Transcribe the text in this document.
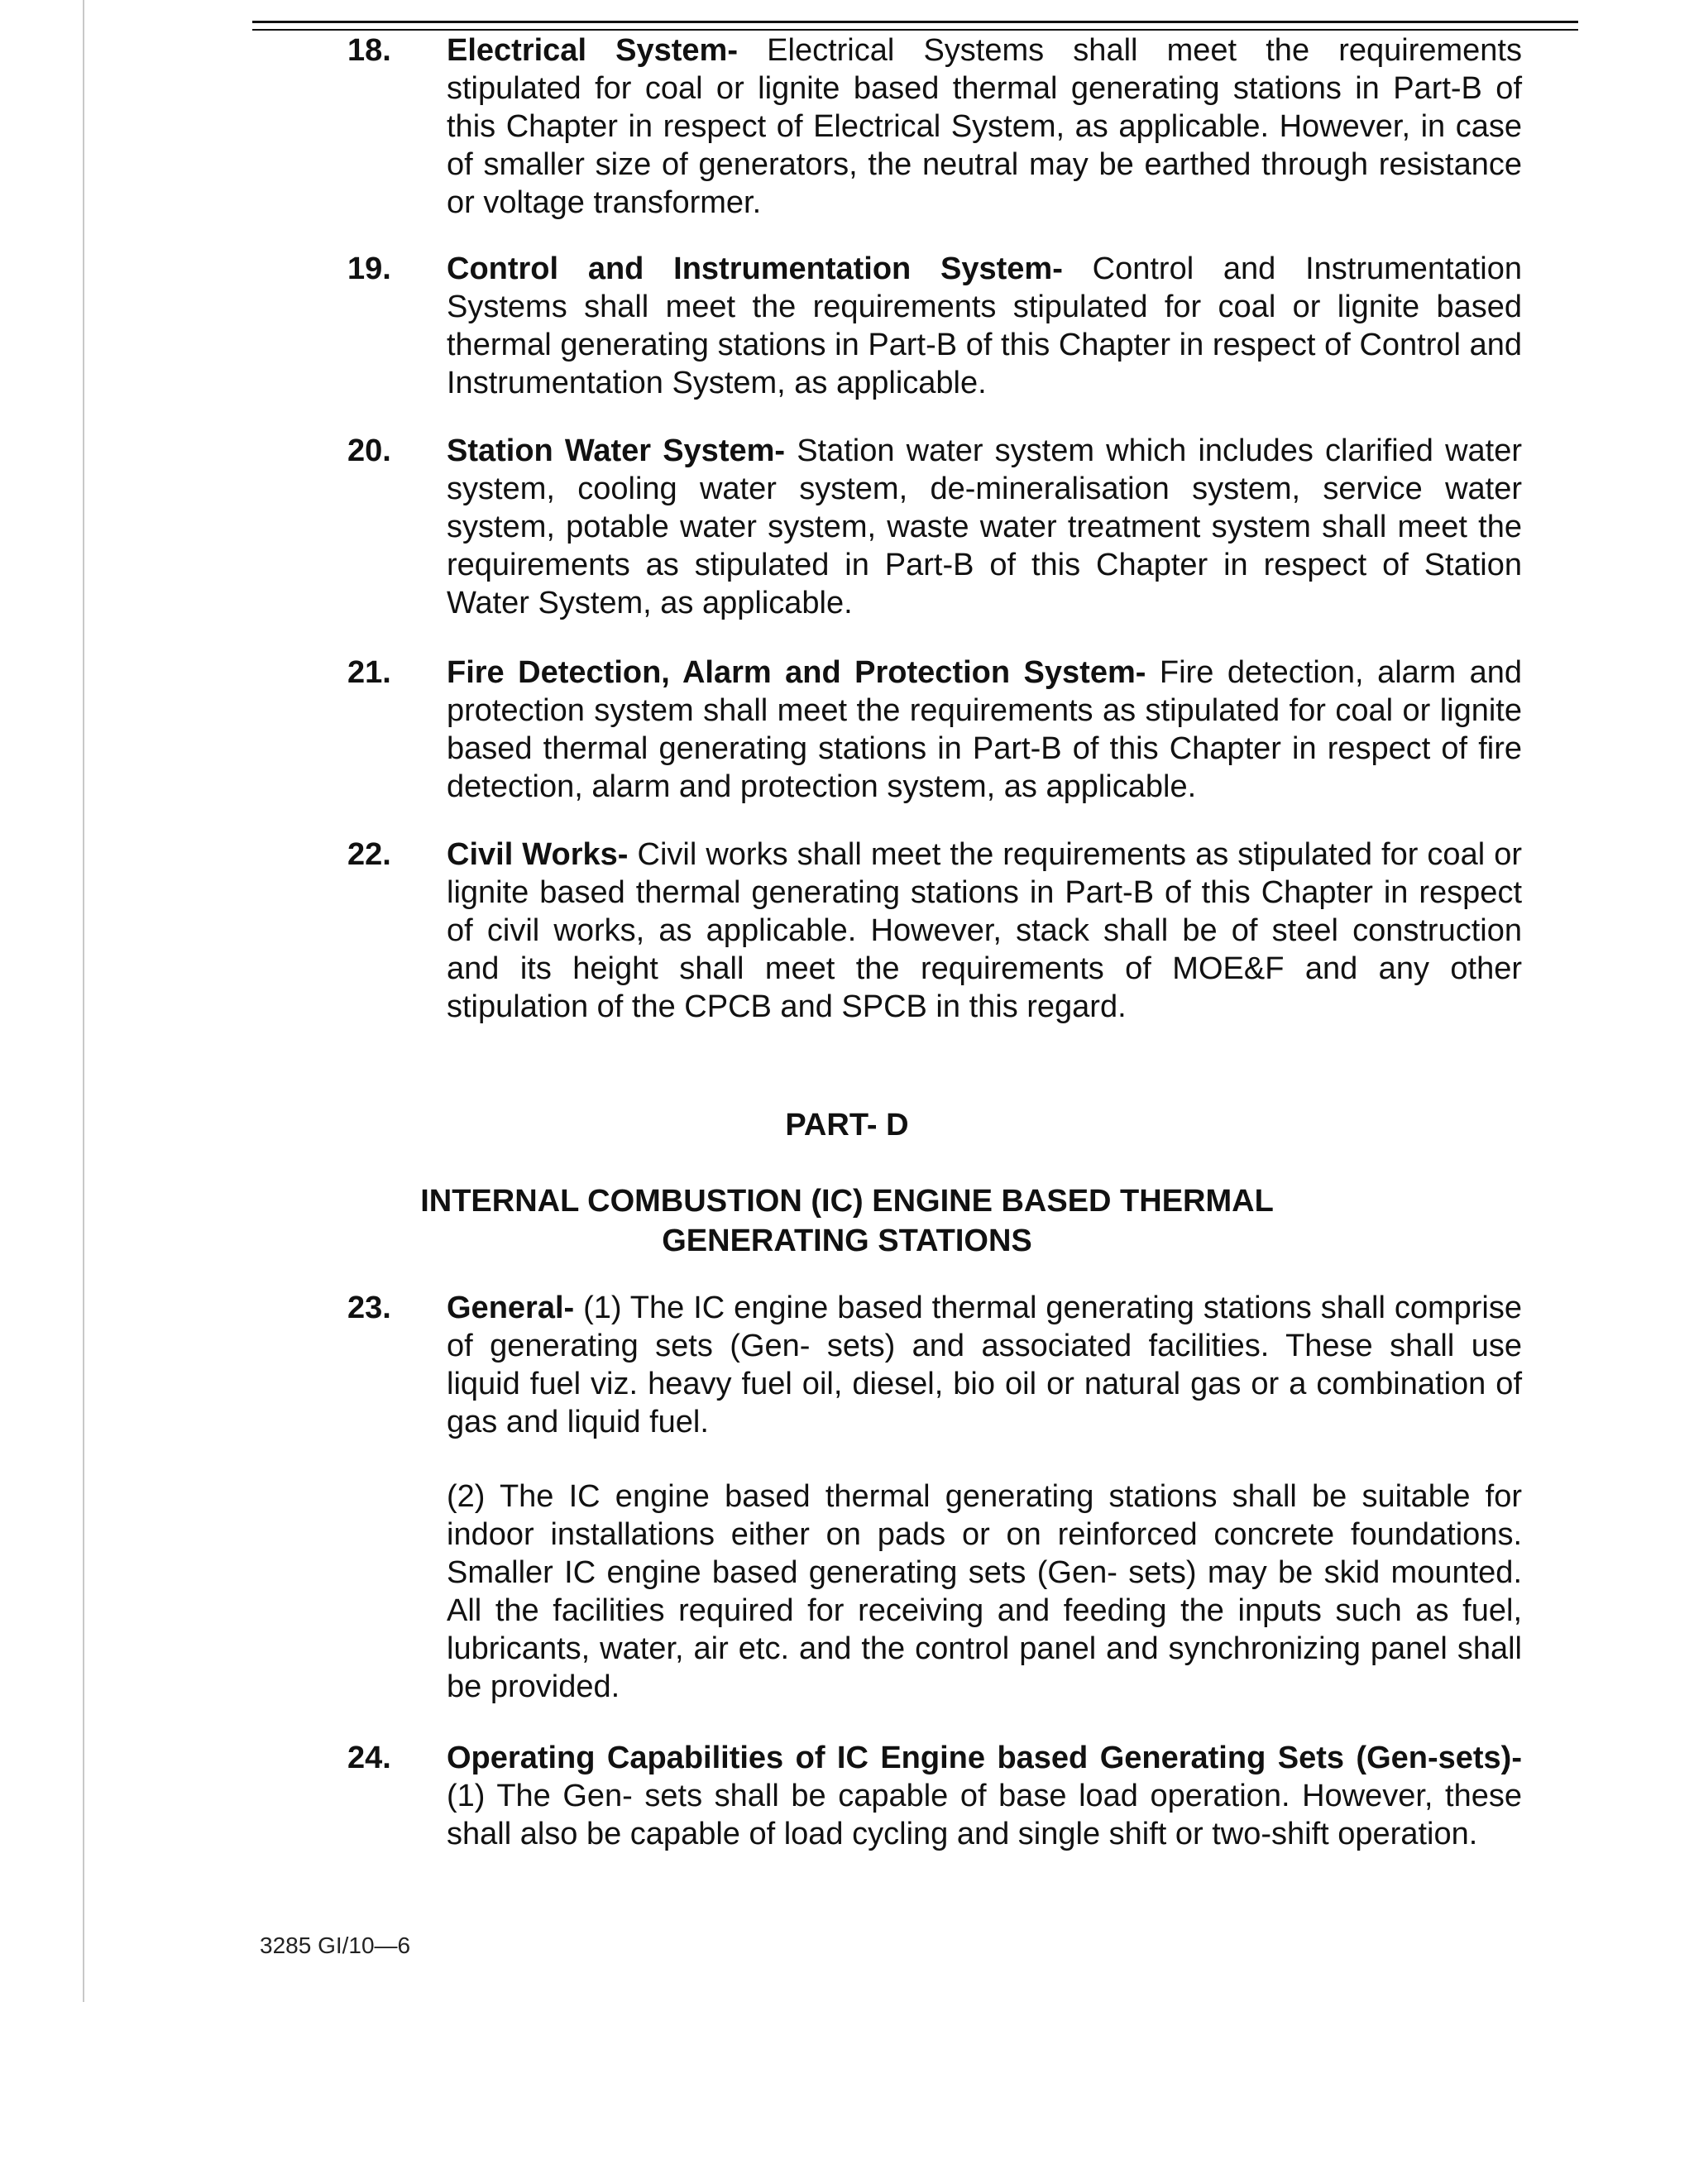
18.	Electrical System- Electrical Systems shall meet the requirements stipulated for coal or lignite based thermal generating stations in Part-B of this Chapter in respect of Electrical System, as applicable. However, in case of smaller size of generators, the neutral may be earthed through resistance or voltage transformer.
19.	Control and Instrumentation System- Control and Instrumentation Systems shall meet the requirements stipulated for coal or lignite based thermal generating stations in Part-B of this Chapter in respect of Control and Instrumentation System, as applicable.
20.	Station Water System- Station water system which includes clarified water system, cooling water system, de-mineralisation system, service water system, potable water system, waste water treatment system shall meet the requirements as stipulated in Part-B of this Chapter in respect of Station Water System, as applicable.
21.	Fire Detection, Alarm and Protection System- Fire detection, alarm and protection system shall meet the requirements as stipulated for coal or lignite based thermal generating stations in Part-B of this Chapter in respect of fire detection, alarm and protection system, as applicable.
22.	Civil Works- Civil works shall meet the requirements as stipulated for coal or lignite based thermal generating stations in Part-B of this Chapter in respect of civil works, as applicable. However, stack shall be of steel construction and its height shall meet the requirements of MOE&F and any other stipulation of the CPCB and SPCB in this regard.
PART- D
INTERNAL COMBUSTION (IC) ENGINE BASED THERMAL
GENERATING STATIONS
23.	General- (1) The IC engine based thermal generating stations shall comprise of generating sets (Gen- sets) and associated facilities. These shall use liquid fuel viz. heavy fuel oil, diesel, bio oil or natural gas or a combination of gas and liquid fuel.
(2) The IC engine based thermal generating stations shall be suitable for indoor installations either on pads or on reinforced concrete foundations. Smaller IC engine based generating sets (Gen- sets) may be skid mounted. All the facilities required for receiving and feeding the inputs such as fuel, lubricants, water, air etc. and the control panel and synchronizing panel shall be provided.
24.	Operating Capabilities of IC Engine based Generating Sets (Gen-sets)- (1) The Gen- sets shall be capable of base load operation. However, these shall also be capable of load cycling and single shift or two-shift operation.
3285 GI/10—6
